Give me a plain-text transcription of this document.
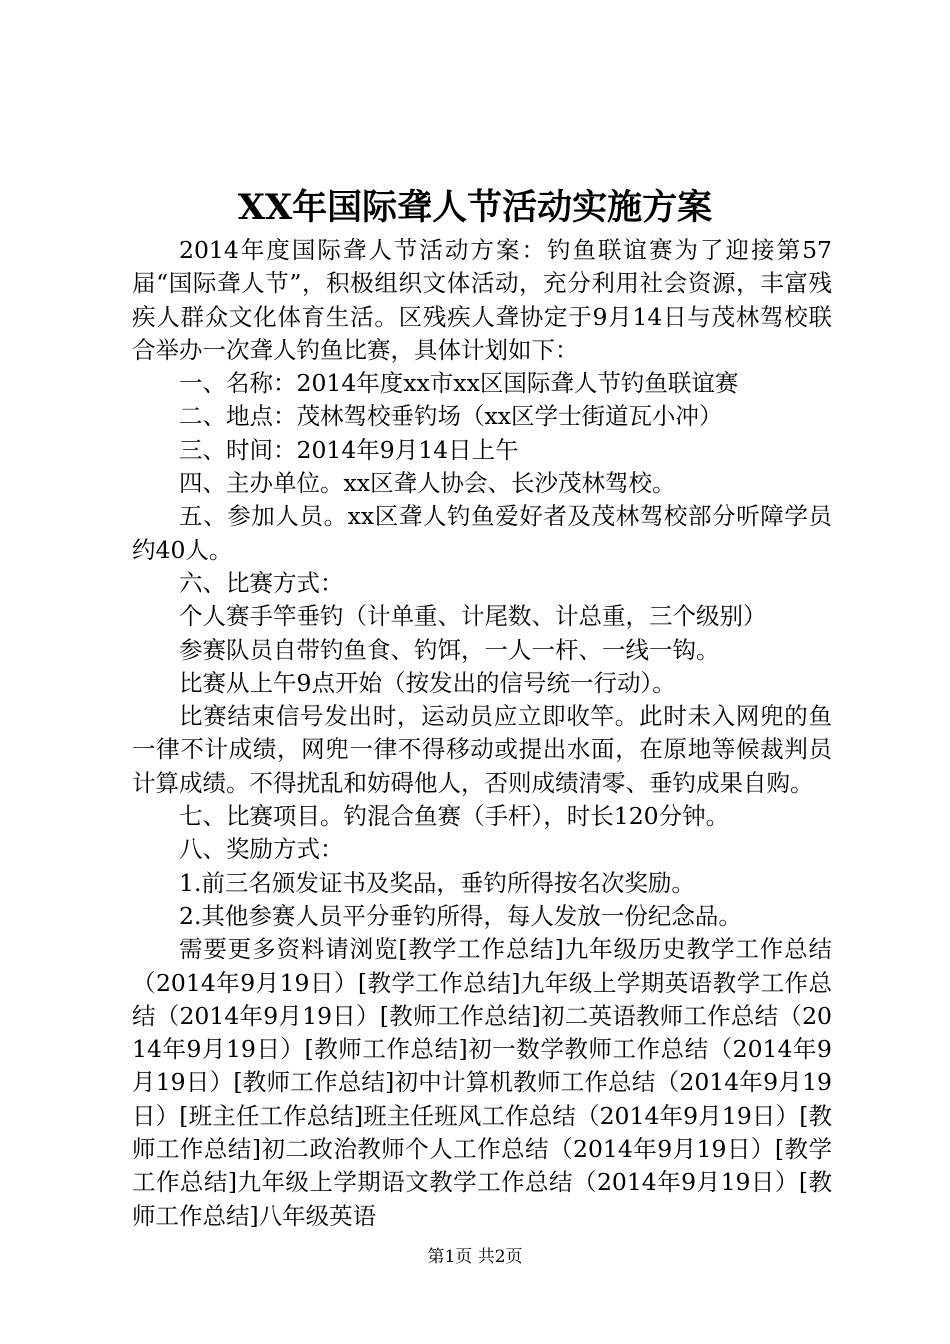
XX年国际聋人节活动实施方案

2014年度国际聋人节活动方案：钓鱼联谊赛为了迎接第57届“国际聋人节”，积极组织文体活动，充分利用社会资源，丰富残疾人群众文化体育生活。区残疾人聋协定于9月14日与茂林驾校联合举办一次聋人钓鱼比赛，具体计划如下：

一、名称：2014年度xx市xx区国际聋人节钓鱼联谊赛

二、地点：茂林驾校垂钓场（xx区学士街道瓦小冲）

三、时间：2014年9月14日上午

四、主办单位。xx区聋人协会、长沙茂林驾校。

五、参加人员。xx区聋人钓鱼爱好者及茂林驾校部分听障学员约40人。

六、比赛方式：

个人赛手竿垂钓（计单重、计尾数、计总重，三个级别）

参赛队员自带钓鱼食、钓饵，一人一杆、一线一钩。

比赛从上午9点开始（按发出的信号统一行动）。

比赛结束信号发出时，运动员应立即收竿。此时未入网兜的鱼一律不计成绩，网兜一律不得移动或提出水面，在原地等候裁判员计算成绩。不得扰乱和妨碍他人，否则成绩清零、垂钓成果自购。

七、比赛项目。钓混合鱼赛（手杆），时长120分钟。

八、奖励方式：

1.前三名颁发证书及奖品，垂钓所得按名次奖励。

2.其他参赛人员平分垂钓所得，每人发放一份纪念品。

需要更多资料请浏览[教学工作总结]九年级历史教学工作总结（2014年9月19日）[教学工作总结]九年级上学期英语教学工作总结（2014年9月19日）[教师工作总结]初二英语教师工作总结（2014年9月19日）[教师工作总结]初一数学教师工作总结（2014年9月19日）[教师工作总结]初中计算机教师工作总结（2014年9月19日）[班主任工作总结]班主任班风工作总结（2014年9月19日）[教师工作总结]初二政治教师个人工作总结（2014年9月19日）[教学工作总结]九年级上学期语文教学工作总结（2014年9月19日）[教师工作总结]八年级英语

第1页 共2页
